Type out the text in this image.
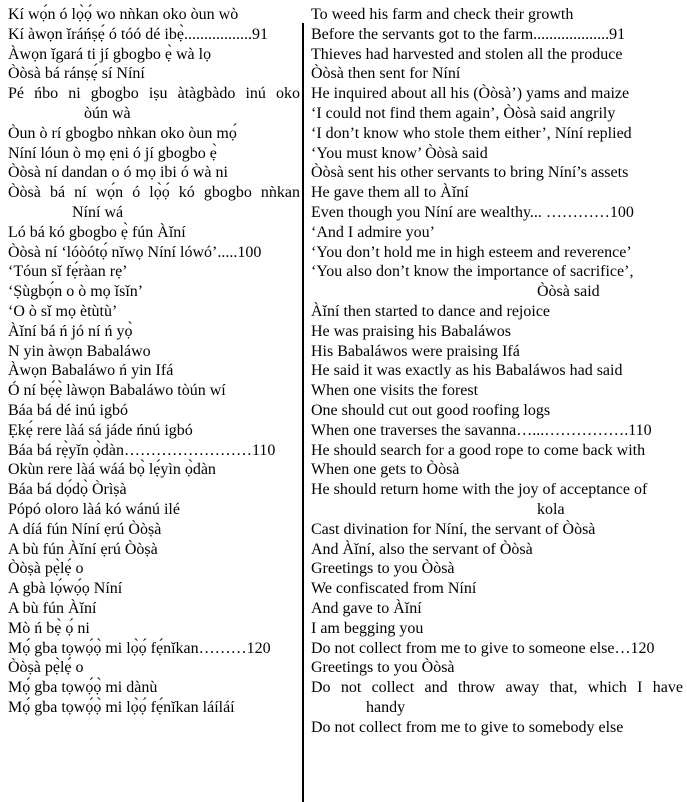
Kí wọ́n ó lọ̀ọ́ wo nǹkan oko òun wò
Kí àwọn ǐráńṣẹ́ ó tóó dé ibẹ̀.................91
Àwọn ǐgará ti jí gbogbo ẹ̀ wà lọ
Òòsà bá ránṣẹ́ sí Níní
Pé ńbo ni gbogbo iṣu àtàgbàdo inú oko
òún wà
Òun ò rí gbogbo nǹkan oko òun mọ́
Níní lóun ò mọ ẹni ó jí gbogbo ẹ̀
Òòsà ní dandan o ó mọ ibi ó wà ni
Òòsà bá ní wọ́n ó lọ̀ọ́ kó gbogbo nǹkan
Níní wá
Ló bá kó gbogbo ẹ̀ fún Àǐní
Òòsà ní ‘lóòótọ́ nǐwọ Níní lówó’.....100
‘Tóun sǐ fẹ́ràan rẹ’
‘Ṣùgbọ́n o ò mọ ǐsǐn’
‘O ò sǐ mọ ètùtù’
Àǐní bá ń jó ní ń yọ̀
N yin àwọn Babaláwo
Àwọn Babaláwo ń yin Ifá
Ó ní bẹ́ẹ̀ làwọn Babaláwo tòún wí
Báa bá dé inú igbó
Ẹkẹ́ rere làá sá jáde ńnú igbó
Báa bá rẹ̀yǐn ọ̀dàn……………………110
Okùn rere làá wáá bọ̀ lẹ́yìn ọ̀dàn
Báa bá dọ́dọ̀ Òrìṣà
Pópó oloro làá kó wánú ilé
A díá fún Níní ẹrú Òòṣà
A bù fún Àǐní ẹrú Òòṣà
Òòṣà pẹ̀lẹ́ o
A gbà lọ́wọ́ọ Níní
A bù fún Àǐní
Mò ń bẹ̀ ọ́ ni
Mọ́ gba tọwọ́ọ̀ mi lọ̀ọ́ fẹ́nǐkan………120
Òòṣà pẹ̀lẹ́ o
Mọ́ gba tọwọ́ọ̀ mi dànù
Mọ́ gba tọwọ́ọ̀ mi lọ̀ọ́ fẹ́nǐkan láíláí
To weed his farm and check their growth
Before the servants got to the farm...................91
Thieves had harvested and stolen all the produce
Òòsà then sent for Níní
He inquired about all his (Òòsà’) yams and maize
‘I could not find them again’, Òòsà said angrily
‘I don’t know who stole them either’, Níní replied
‘You must know’ Òòsà said
Òòsà sent his other servants to bring Níní’s assets
He gave them all to Àǐní
Even though you Níní are wealthy... …………100
‘And I admire you’
‘You don’t hold me in high esteem and reverence’
‘You also don’t know the importance of sacrifice’,
Òòsà said
Àǐní then started to dance and rejoice
He was praising his Babaláwos
His Babaláwos were praising Ifá
He said it was exactly as his Babaláwos had said
When one visits the forest
One should cut out good roofing logs
When one traverses the savanna…...…………….110
He should search for a good rope to come back with
When one gets to Òòsà
He should return home with the joy of acceptance of
kola
Cast divination for Níní, the servant of Òòsà
And Àǐní, also the servant of Òòsà
Greetings to you Òòsà
We confiscated from Níní
And gave to Àǐní
I am begging you
Do not collect from me to give to someone else…120
Greetings to you Òòsà
Do not collect and throw away that, which I have
handy
Do not collect from me to give to somebody else
